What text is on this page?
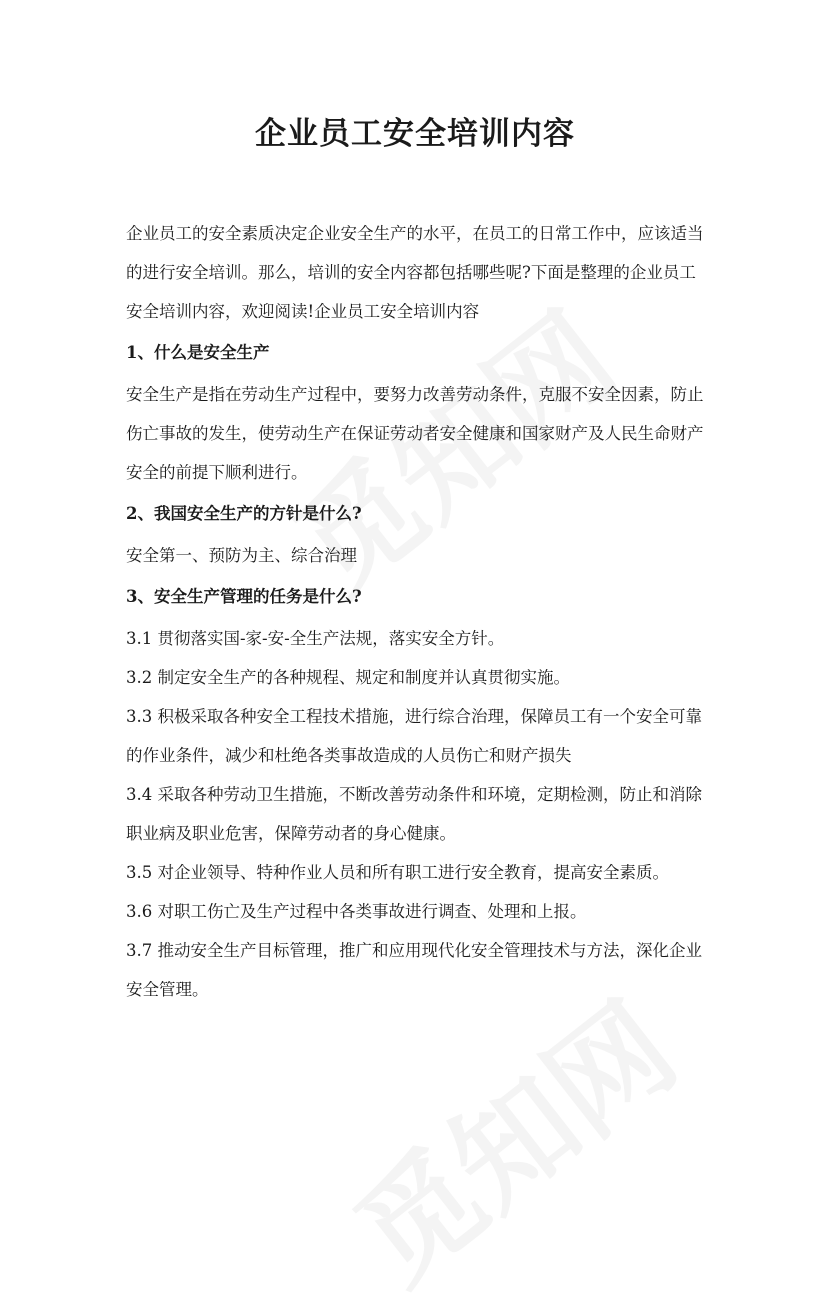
企业员工安全培训内容

企业员工的安全素质决定企业安全生产的水平，在员工的日常工作中，应该适当的进行安全培训。那么，培训的安全内容都包括哪些呢?下面是整理的企业员工安全培训内容，欢迎阅读!企业员工安全培训内容

1、什么是安全生产

安全生产是指在劳动生产过程中，要努力改善劳动条件，克服不安全因素，防止伤亡事故的发生，使劳动生产在保证劳动者安全健康和国家财产及人民生命财产安全的前提下顺利进行。

2、我国安全生产的方针是什么?

安全第一、预防为主、综合治理

3、安全生产管理的任务是什么?

3.1 贯彻落实国-家-安-全生产法规，落实安全方针。

3.2 制定安全生产的各种规程、规定和制度并认真贯彻实施。

3.3 积极采取各种安全工程技术措施，进行综合治理，保障员工有一个安全可靠的作业条件，减少和杜绝各类事故造成的人员伤亡和财产损失

3.4 采取各种劳动卫生措施，不断改善劳动条件和环境，定期检测，防止和消除职业病及职业危害，保障劳动者的身心健康。

3.5 对企业领导、特种作业人员和所有职工进行安全教育，提高安全素质。

3.6 对职工伤亡及生产过程中各类事故进行调查、处理和上报。

3.7 推动安全生产目标管理，推广和应用现代化安全管理技术与方法，深化企业安全管理。
